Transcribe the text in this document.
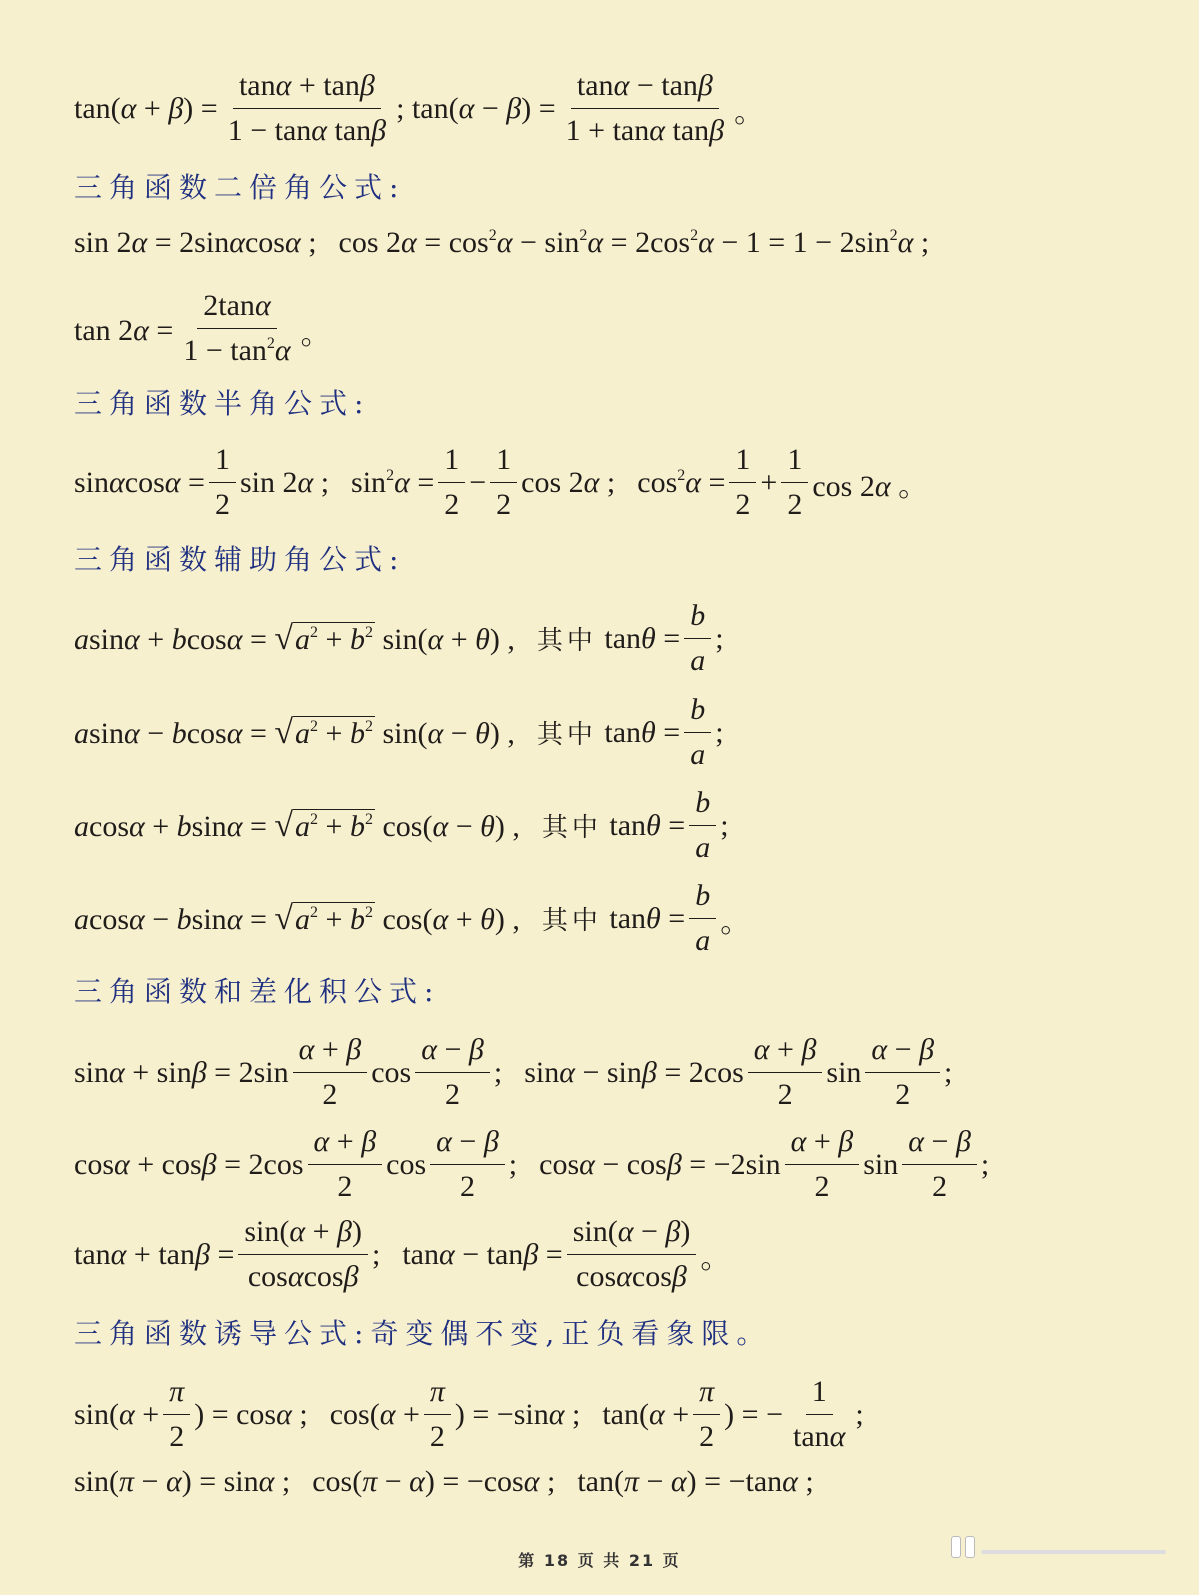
$\tan(\alpha + \beta) = \frac{\tan\alpha + \tan\beta}{\text{1 − tanα tanβ}}$ ; $\tan(\alpha - \beta) = \frac{\tan\alpha - \tan\beta}{\text{1 + tanα tanβ}}$ 。
三角函数二倍角公式:
sin 2α = 2sinαcosα ; $\cos 2\alpha = \cos^2\alpha - \sin^2\alpha = 2\cos^2\alpha - 1 = 1 - 2\sin^2\alpha$ ;
$\tan 2\alpha = \frac{2\tan\alpha}{1 - \tan^2\alpha}$ 。
三角函数半角公式:
$\sin\alpha\cos\alpha = \frac{1}{2}$ sin 2α ; $\sin^2\alpha = \frac{1}{2} - \frac{1}{2}$ cos 2α ; $\cos^2\alpha = \frac{1}{2} + \frac{1}{2}$ cos 2α 。
三角函数辅助角公式:
$asin\alpha + bcos\alpha = √a^2 + b^2$ sin(α + θ) , 其中 $\tan\theta = \frac{b}{a}$ ;
$asin\alpha - bcos\alpha = √a^2 + b^2$ sin(α − θ) , 其中 $\tan\theta = \frac{b}{a}$ ;
$acos\alpha + bsin\alpha = √a^2 + b^2$ cos(α − θ) , 其中 $\tan\theta = \frac{b}{a}$ ;
$acos\alpha - bsin\alpha = √a^2 + b^2$ cos(α + θ) , 其中 $\tan\theta = \frac{b}{a}$ 。
三角函数和差化积公式:
$\sin\alpha + \sin\beta = 2\sin \frac{\alpha + \beta}{2}$ $\cos \frac{\alpha - \beta}{2}$ ; $\sin\alpha - \sin\beta = 2\cos \frac{\alpha + \beta}{2}$ $\sin \frac{\alpha - \beta}{2}$ ;
$\cos\alpha + \cos\beta = 2\cos \frac{\alpha + \beta}{2}$ $\cos \frac{\alpha - \beta}{2}$ ; $\cos\alpha - \cos\beta = -2\sin \frac{\alpha + \beta}{2}$ $\sin \frac{\alpha - \beta}{2}$ ;
$\tan\alpha + \tan\beta = \frac{\sin(\alpha + \beta)}{\cos\alpha\cos\beta}$ ; $\tan\alpha - \tan\beta = \frac{\sin(\alpha - \beta)}{\cos\alpha\cos\beta}$ 。
三角函数诱导公式:奇变偶不变,正负看象限。
$\sin(\alpha + \frac{\pi}{2}$ ) = cosα ; $\cos(\alpha + \frac{\pi}{2}$ ) = −sinα ; $\tan(\alpha + \frac{\pi}{2}$ ) = − $\frac{1}{\tan\alpha}$ ;
sin(π − α) = sinα ; cos(π − α) = −cosα ; tan(π − α) = −tanα ;
第 18 页 共 21 页
